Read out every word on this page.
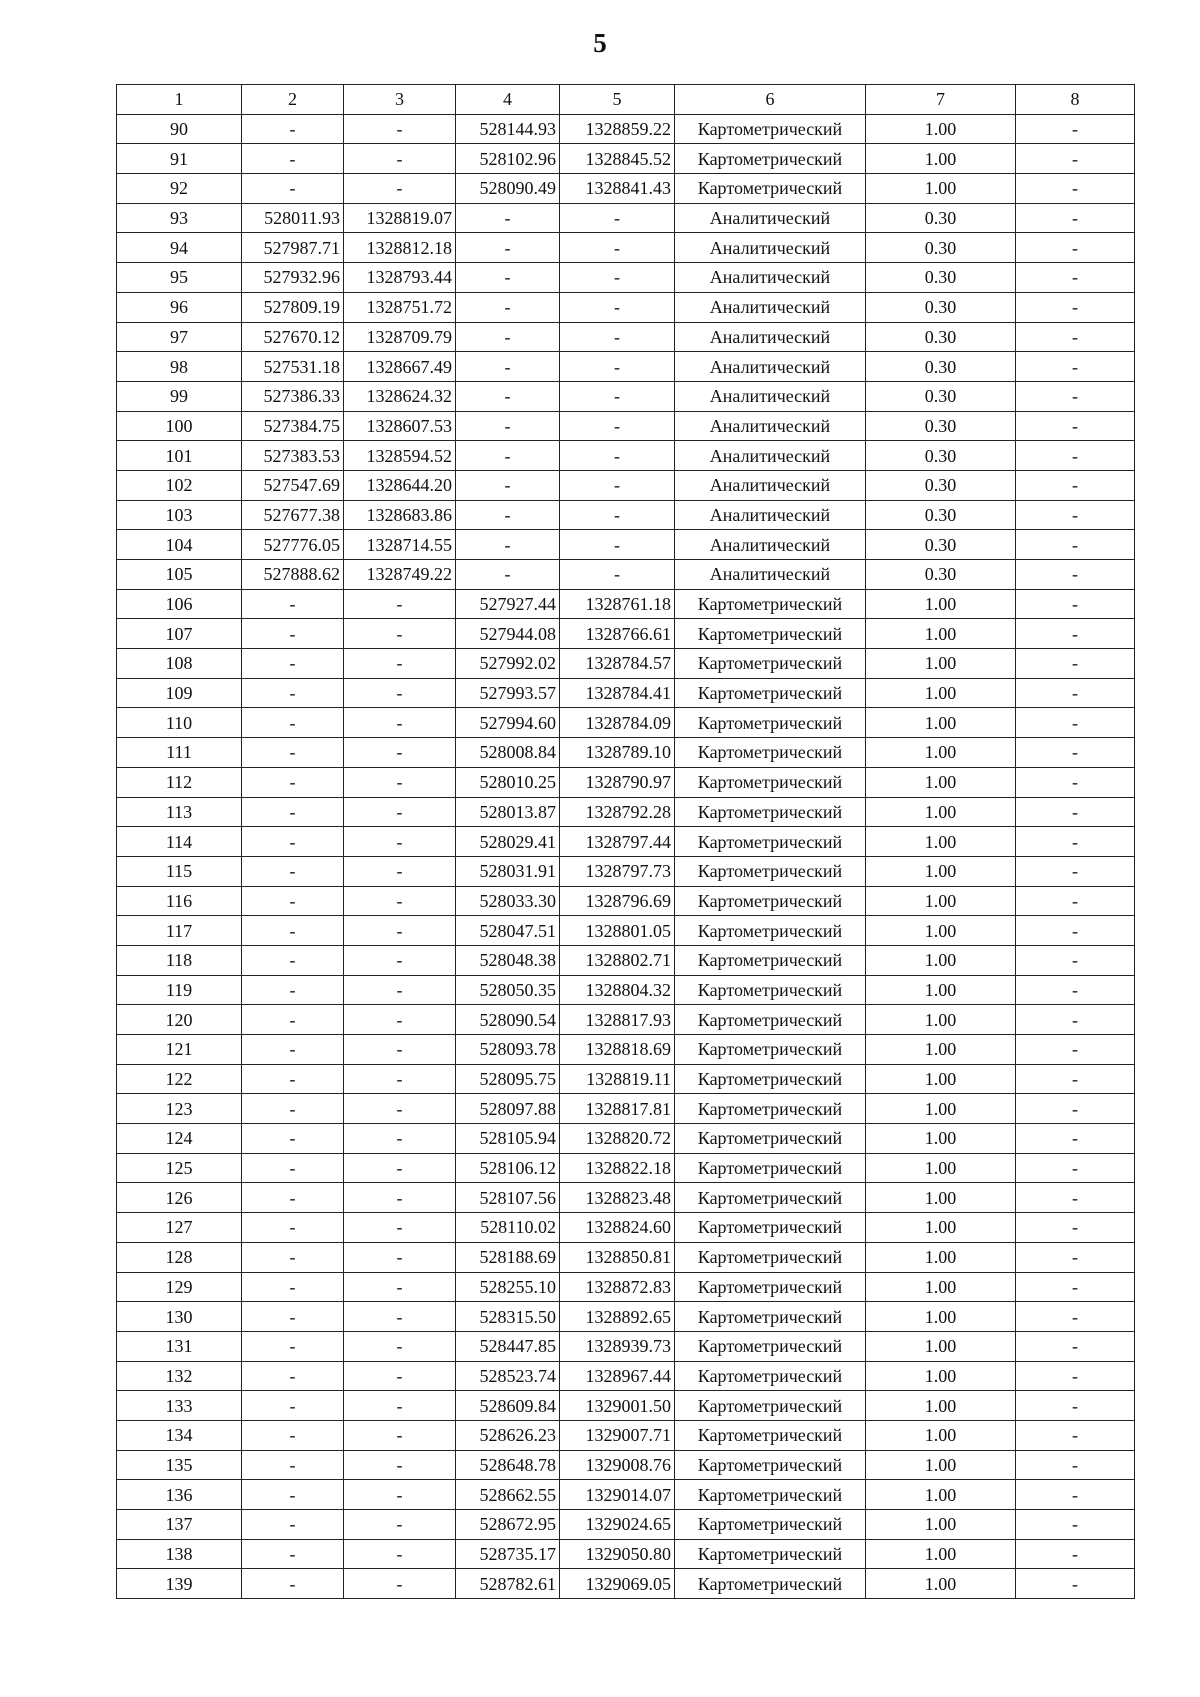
5
1	2	3	4	5	6	7	8
90	-	-	528144.93	1328859.22	Картометрический	1.00	-
91	-	-	528102.96	1328845.52	Картометрический	1.00	-
92	-	-	528090.49	1328841.43	Картометрический	1.00	-
93	528011.93	1328819.07	-	-	Аналитический	0.30	-
94	527987.71	1328812.18	-	-	Аналитический	0.30	-
95	527932.96	1328793.44	-	-	Аналитический	0.30	-
96	527809.19	1328751.72	-	-	Аналитический	0.30	-
97	527670.12	1328709.79	-	-	Аналитический	0.30	-
98	527531.18	1328667.49	-	-	Аналитический	0.30	-
99	527386.33	1328624.32	-	-	Аналитический	0.30	-
100	527384.75	1328607.53	-	-	Аналитический	0.30	-
101	527383.53	1328594.52	-	-	Аналитический	0.30	-
102	527547.69	1328644.20	-	-	Аналитический	0.30	-
103	527677.38	1328683.86	-	-	Аналитический	0.30	-
104	527776.05	1328714.55	-	-	Аналитический	0.30	-
105	527888.62	1328749.22	-	-	Аналитический	0.30	-
106	-	-	527927.44	1328761.18	Картометрический	1.00	-
107	-	-	527944.08	1328766.61	Картометрический	1.00	-
108	-	-	527992.02	1328784.57	Картометрический	1.00	-
109	-	-	527993.57	1328784.41	Картометрический	1.00	-
110	-	-	527994.60	1328784.09	Картометрический	1.00	-
111	-	-	528008.84	1328789.10	Картометрический	1.00	-
112	-	-	528010.25	1328790.97	Картометрический	1.00	-
113	-	-	528013.87	1328792.28	Картометрический	1.00	-
114	-	-	528029.41	1328797.44	Картометрический	1.00	-
115	-	-	528031.91	1328797.73	Картометрический	1.00	-
116	-	-	528033.30	1328796.69	Картометрический	1.00	-
117	-	-	528047.51	1328801.05	Картометрический	1.00	-
118	-	-	528048.38	1328802.71	Картометрический	1.00	-
119	-	-	528050.35	1328804.32	Картометрический	1.00	-
120	-	-	528090.54	1328817.93	Картометрический	1.00	-
121	-	-	528093.78	1328818.69	Картометрический	1.00	-
122	-	-	528095.75	1328819.11	Картометрический	1.00	-
123	-	-	528097.88	1328817.81	Картометрический	1.00	-
124	-	-	528105.94	1328820.72	Картометрический	1.00	-
125	-	-	528106.12	1328822.18	Картометрический	1.00	-
126	-	-	528107.56	1328823.48	Картометрический	1.00	-
127	-	-	528110.02	1328824.60	Картометрический	1.00	-
128	-	-	528188.69	1328850.81	Картометрический	1.00	-
129	-	-	528255.10	1328872.83	Картометрический	1.00	-
130	-	-	528315.50	1328892.65	Картометрический	1.00	-
131	-	-	528447.85	1328939.73	Картометрический	1.00	-
132	-	-	528523.74	1328967.44	Картометрический	1.00	-
133	-	-	528609.84	1329001.50	Картометрический	1.00	-
134	-	-	528626.23	1329007.71	Картометрический	1.00	-
135	-	-	528648.78	1329008.76	Картометрический	1.00	-
136	-	-	528662.55	1329014.07	Картометрический	1.00	-
137	-	-	528672.95	1329024.65	Картометрический	1.00	-
138	-	-	528735.17	1329050.80	Картометрический	1.00	-
139	-	-	528782.61	1329069.05	Картометрический	1.00	-
